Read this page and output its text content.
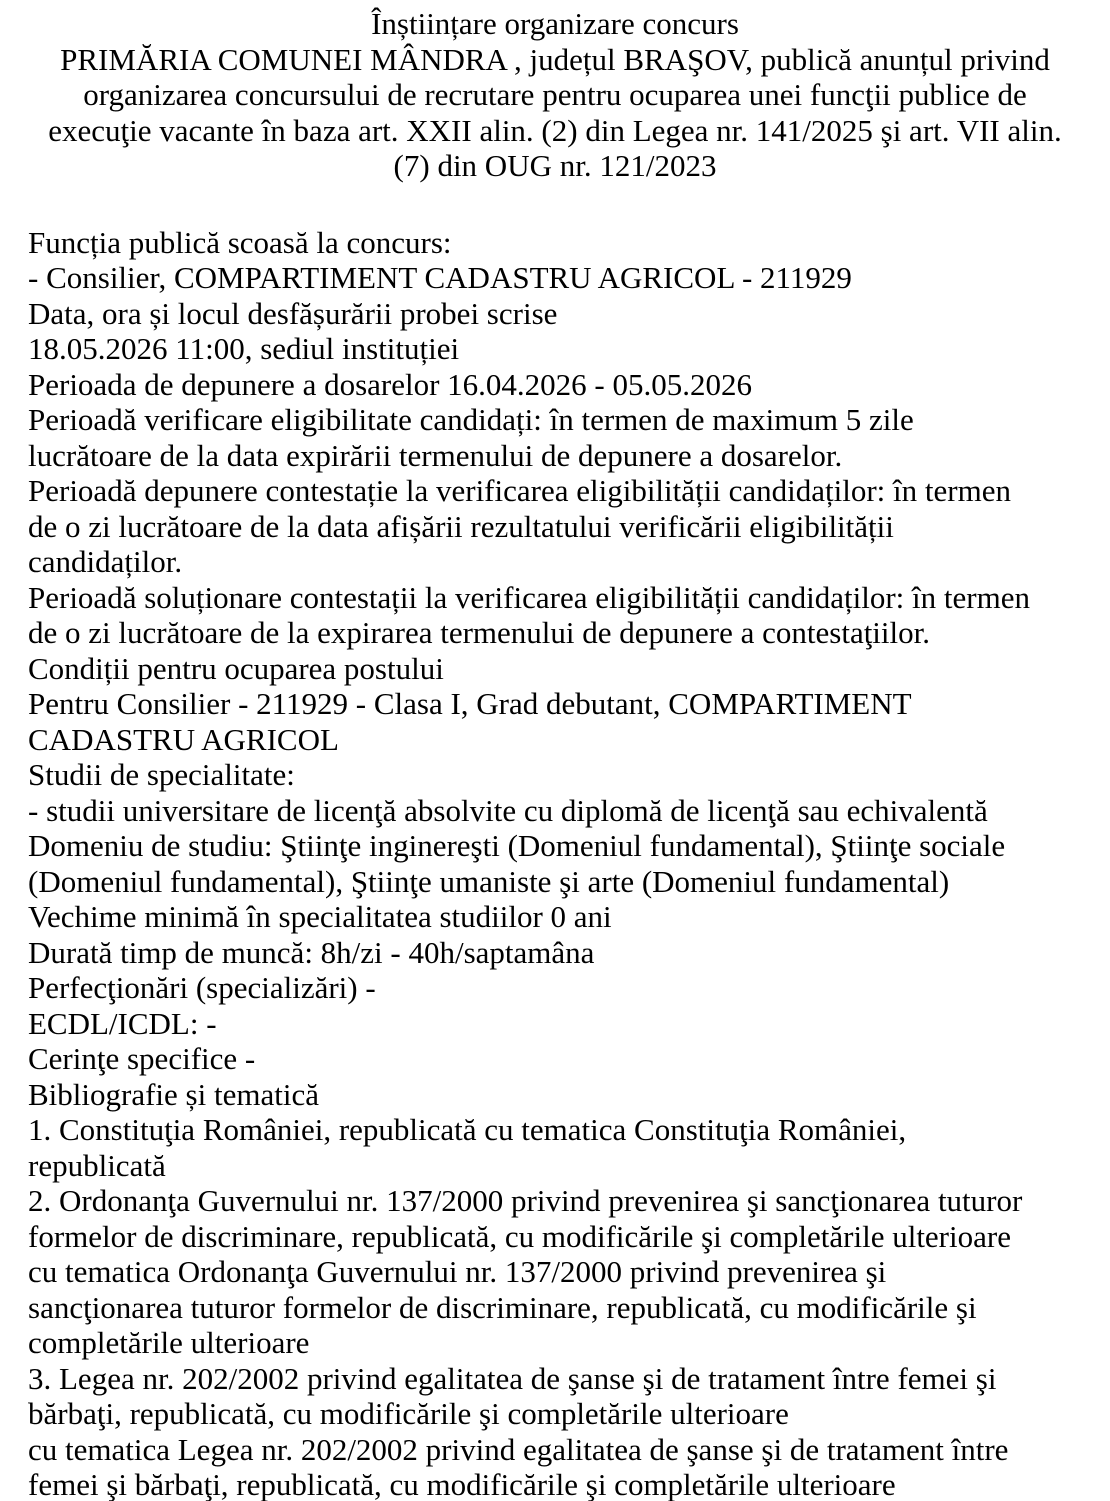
Înștiințare organizare concurs
PRIMĂRIA COMUNEI MÂNDRA , județul BRAŞOV, publică anunțul privind
organizarea concursului de recrutare pentru ocuparea unei funcţii publice de
execuţie vacante în baza art. XXII alin. (2) din Legea nr. 141/2025 şi art. VII alin.
(7) din OUG nr. 121/2023
Funcția publică scoasă la concurs:
- Consilier, COMPARTIMENT CADASTRU AGRICOL - 211929
Data, ora și locul desfășurării probei scrise
18.05.2026 11:00, sediul instituției
Perioada de depunere a dosarelor 16.04.2026 - 05.05.2026
Perioadă verificare eligibilitate candidați: în termen de maximum 5 zile
lucrătoare de la data expirării termenului de depunere a dosarelor.
Perioadă depunere contestație la verificarea eligibilității candidaților: în termen
de o zi lucrătoare de la data afișării rezultatului verificării eligibilității
candidaților.
Perioadă soluționare contestații la verificarea eligibilității candidaților: în termen
de o zi lucrătoare de la expirarea termenului de depunere a contestaţiilor.
Condiții pentru ocuparea postului
Pentru Consilier - 211929 - Clasa I, Grad debutant, COMPARTIMENT
CADASTRU AGRICOL
Studii de specialitate:
- studii universitare de licenţă absolvite cu diplomă de licenţă sau echivalentă
Domeniu de studiu: Ştiinţe inginereşti (Domeniul fundamental), Ştiinţe sociale
(Domeniul fundamental), Ştiinţe umaniste şi arte (Domeniul fundamental)
Vechime minimă în specialitatea studiilor 0 ani
Durată timp de muncă: 8h/zi - 40h/saptamâna
Perfecţionări (specializări) -
ECDL/ICDL: -
Cerinţe specifice -
Bibliografie și tematică
1. Constituţia României, republicată cu tematica Constituţia României,
republicată
2. Ordonanţa Guvernului nr. 137/2000 privind prevenirea şi sancţionarea tuturor
formelor de discriminare, republicată, cu modificările şi completările ulterioare
cu tematica Ordonanţa Guvernului nr. 137/2000 privind prevenirea şi
sancţionarea tuturor formelor de discriminare, republicată, cu modificările şi
completările ulterioare
3. Legea nr. 202/2002 privind egalitatea de şanse şi de tratament între femei şi
bărbaţi, republicată, cu modificările şi completările ulterioare
cu tematica Legea nr. 202/2002 privind egalitatea de şanse şi de tratament între
femei şi bărbaţi, republicată, cu modificările şi completările ulterioare
